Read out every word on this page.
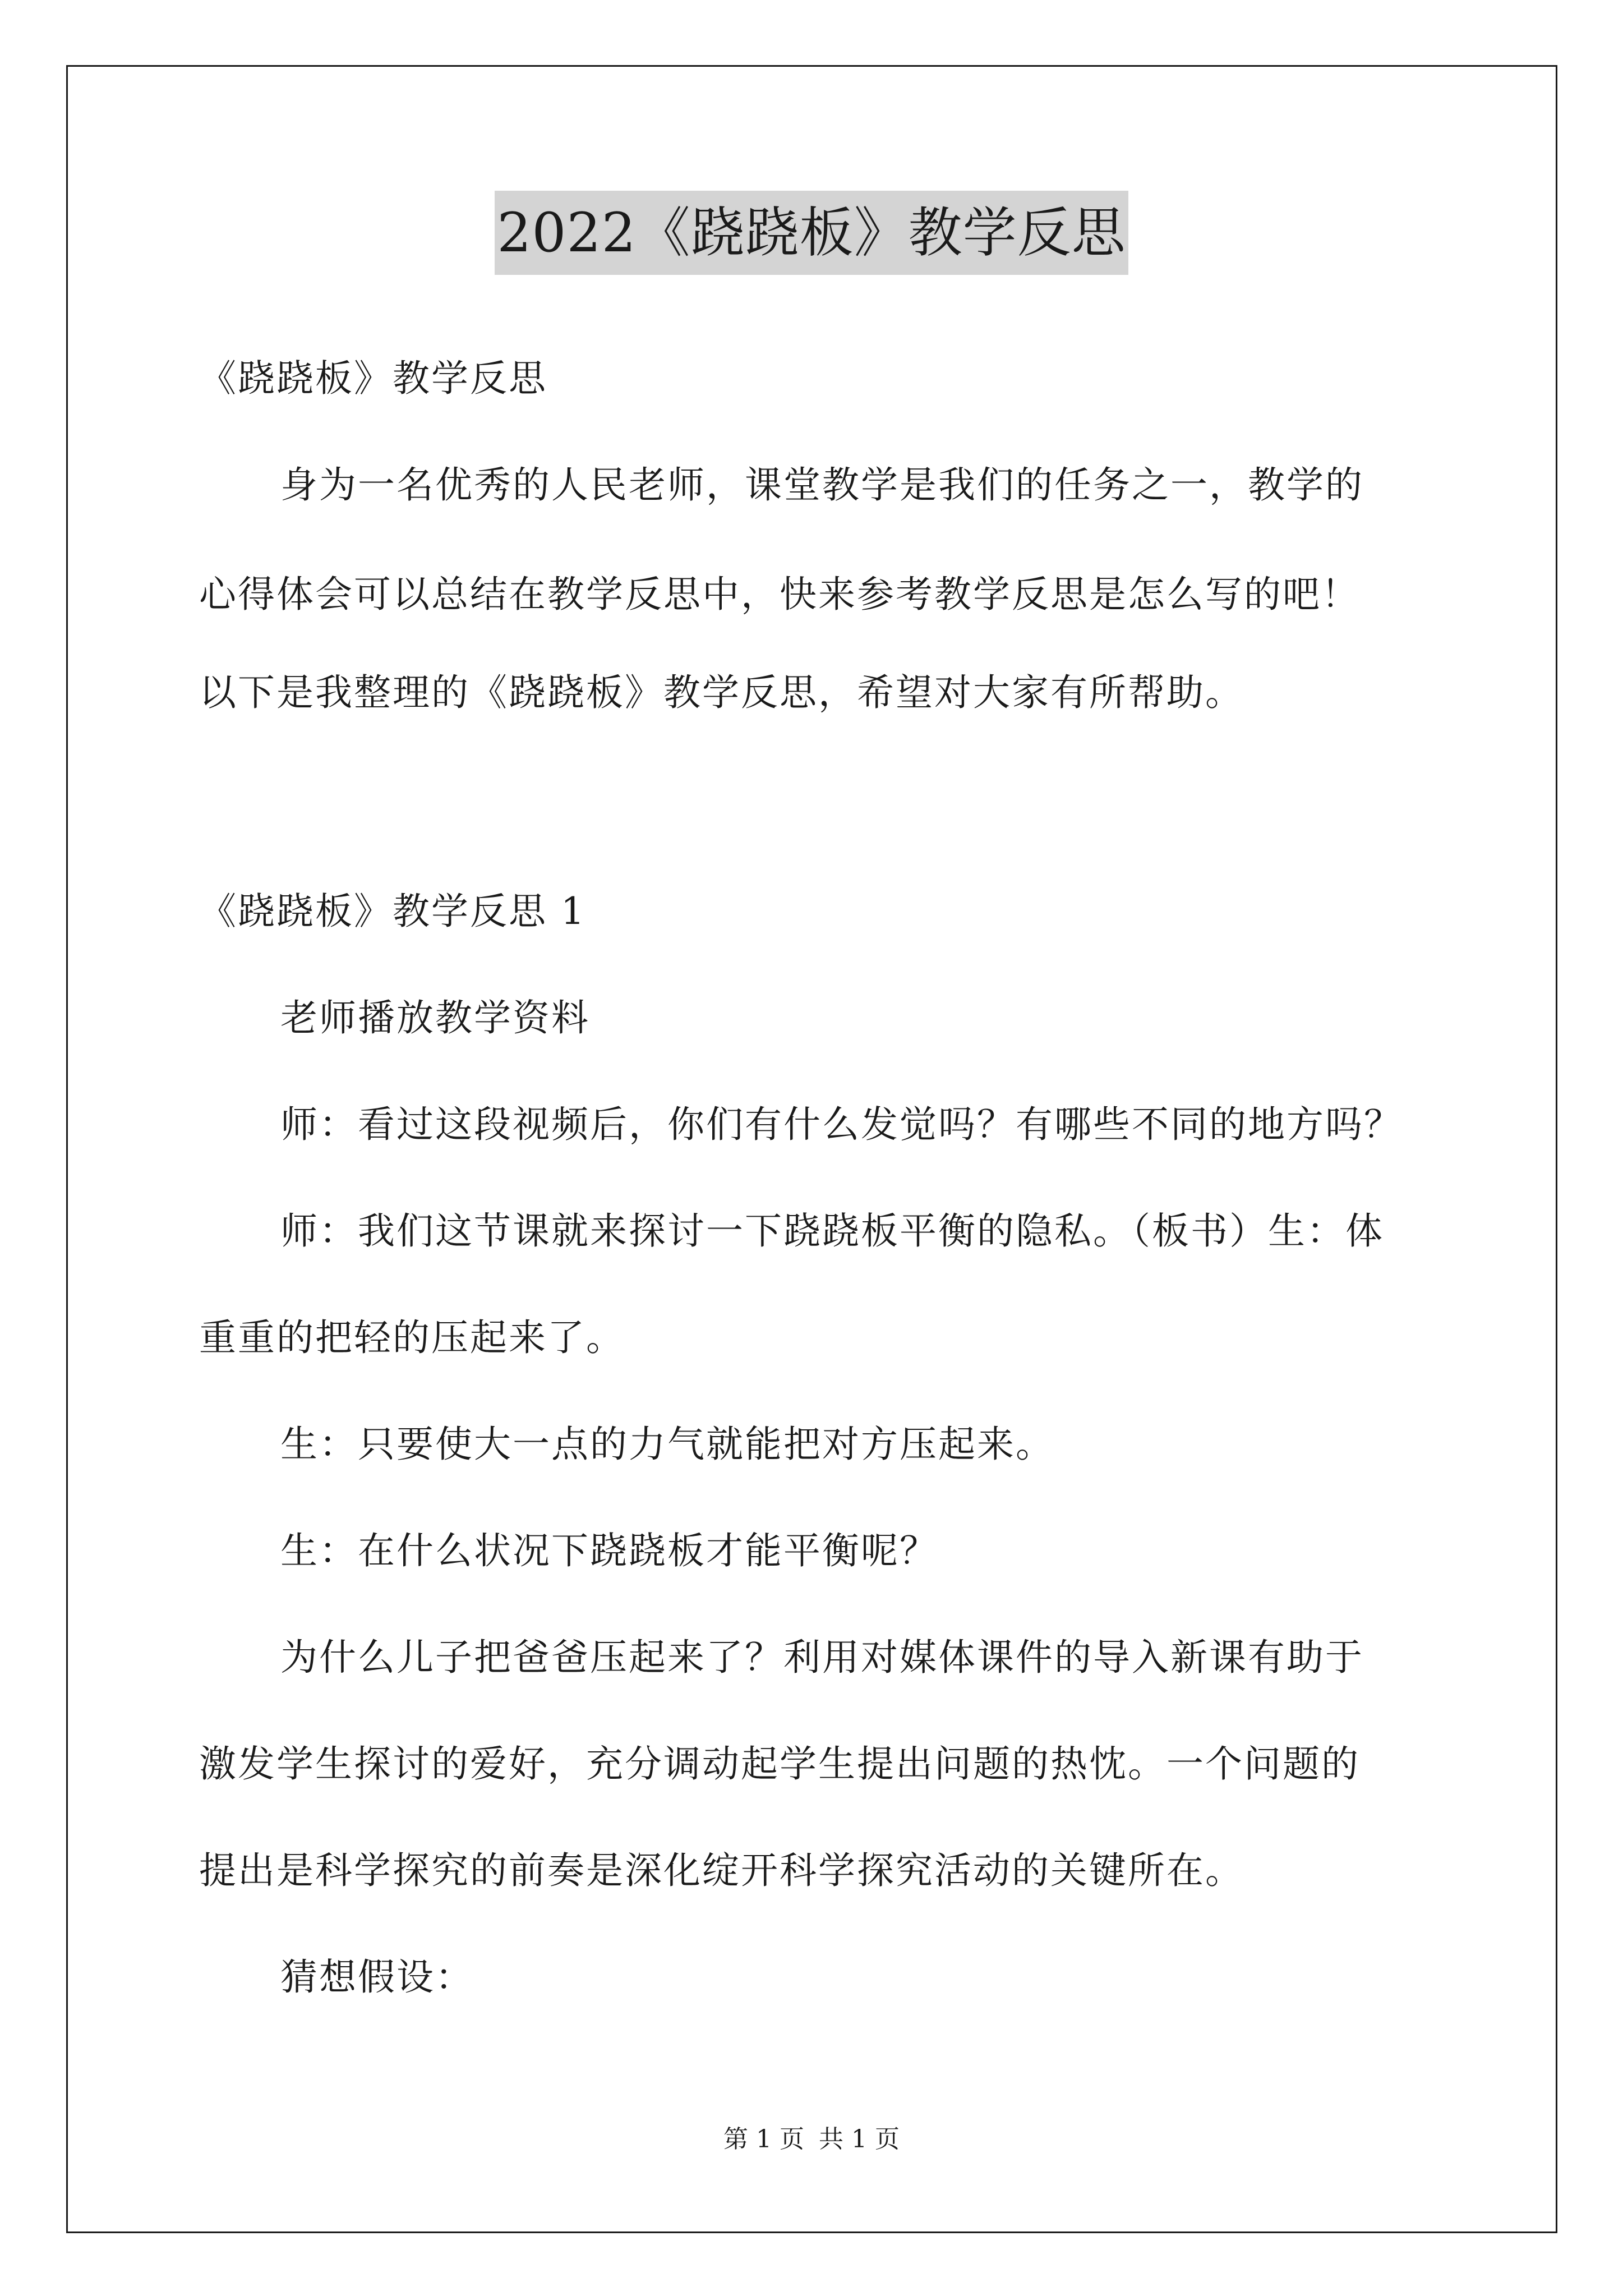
2022《跷跷板》教学反思
《跷跷板》教学反思
身为一名优秀的人民老师，课堂教学是我们的任务之一，教学的
心得体会可以总结在教学反思中，快来参考教学反思是怎么写的吧！
以下是我整理的《跷跷板》教学反思，希望对大家有所帮助。
《跷跷板》教学反思 1
老师播放教学资料
师：看过这段视频后，你们有什么发觉吗？有哪些不同的地方吗？
师：我们这节课就来探讨一下跷跷板平衡的隐私。（板书）生：体
重重的把轻的压起来了。
生：只要使大一点的力气就能把对方压起来。
生：在什么状况下跷跷板才能平衡呢？
为什么儿子把爸爸压起来了？利用对媒体课件的导入新课有助于
激发学生探讨的爱好，充分调动起学生提出问题的热忱。一个问题的
提出是科学探究的前奏是深化绽开科学探究活动的关键所在。
猜想假设：
第 1 页 共 1 页
